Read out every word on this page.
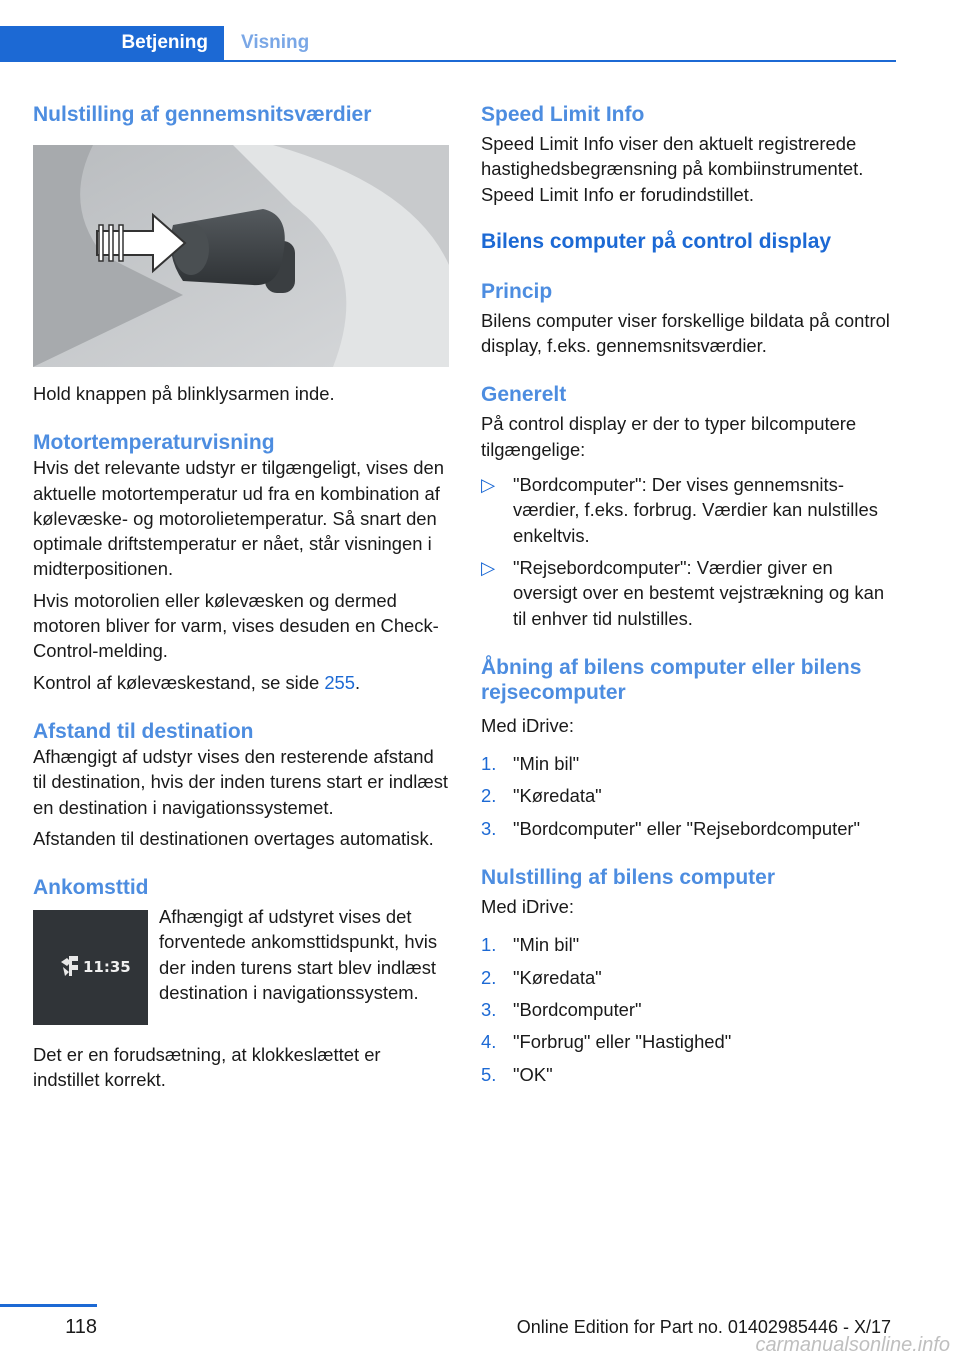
Betjening	Visning
Nulstilling af gennemsnitsværdier

Hold knappen på blinklysarmen inde.

Motortemperaturvisning

Hvis det relevante udstyr er tilgængeligt, vises den aktuelle motortemperatur ud fra en kombination af kølevæske- og motorolietemperatur. Så snart den optimale driftstemperatur er nået, står visningen i midterpositionen.

Hvis motorolien eller kølevæsken og dermed motoren bliver for varm, vises desuden en Check-Control-melding.

Kontrol af kølevæskestand, se side 255.

Afstand til destination

Afhængigt af udstyr vises den resterende afstand til destination, hvis der inden turens start er indlæst en destination i navigationssystemet.

Afstanden til destinationen overtages automatisk.

Ankomsttid
11:35

Afhængigt af udstyret vises det forventede ankomsttidspunkt, hvis der inden turens start blev indlæst destination i navigationssystem.

Det er en forudsætning, at klokkeslættet er indstillet korrekt.

Speed Limit Info

Speed Limit Info viser den aktuelt registrerede hastighedsbegrænsning på kombiinstrumentet. Speed Limit Info er forudindstillet.

Bilens computer på control display
Princip

Bilens computer viser forskellige bildata på control display, f.eks. gennemsnitsværdier.

Generelt

På control display er der to typer bilcomputere tilgængelige:

▷ "Bordcomputer": Der vises gennemsnitsværdier, f.eks. forbrug. Værdier kan nulstilles enkeltvis.
▷ "Rejsebordcomputer": Værdier giver en oversigt over en bestemt vejstrækning og kan til enhver tid nulstilles.
Åbning af bilens computer eller bilens rejsecomputer

Med iDrive:

1. "Min bil"
2. "Køredata"
3. "Bordcomputer" eller "Rejsebordcomputer"
Nulstilling af bilens computer

Med iDrive:

1. "Min bil"
2. "Køredata"
3. "Bordcomputer"
4. "Forbrug" eller "Hastighed"
5. "OK"
118	Online Edition for Part no. 01402985446 - X/17
carmanualsonline.info
